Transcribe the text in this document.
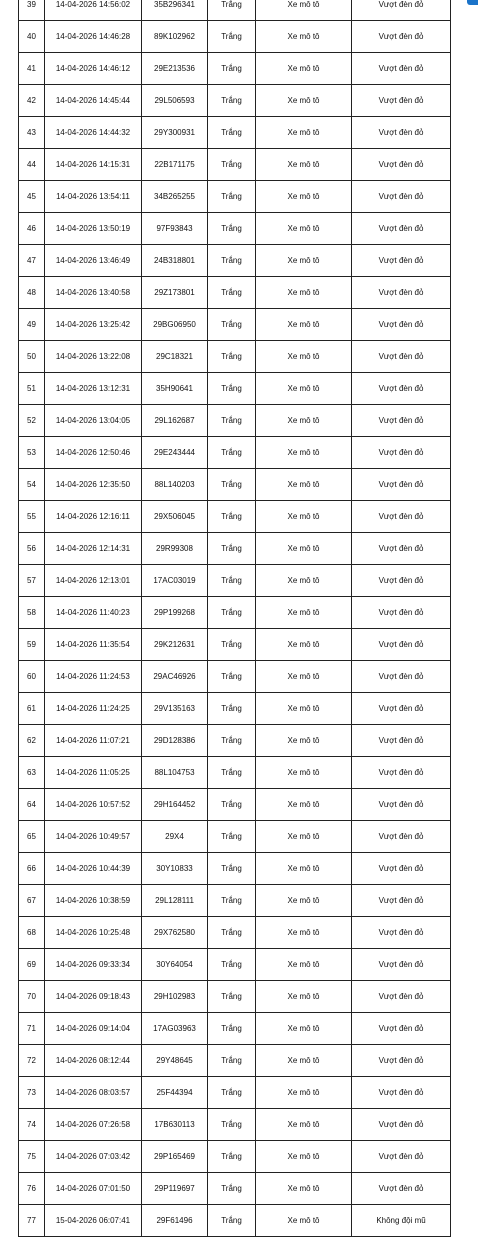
39	14-04-2026 14:56:02	35B296341	Trắng	Xe mô tô	Vượt đèn đỏ
40	14-04-2026 14:46:28	89K102962	Trắng	Xe mô tô	Vượt đèn đỏ
41	14-04-2026 14:46:12	29E213536	Trắng	Xe mô tô	Vượt đèn đỏ
42	14-04-2026 14:45:44	29L506593	Trắng	Xe mô tô	Vượt đèn đỏ
43	14-04-2026 14:44:32	29Y300931	Trắng	Xe mô tô	Vượt đèn đỏ
44	14-04-2026 14:15:31	22B171175	Trắng	Xe mô tô	Vượt đèn đỏ
45	14-04-2026 13:54:11	34B265255	Trắng	Xe mô tô	Vượt đèn đỏ
46	14-04-2026 13:50:19	97F93843	Trắng	Xe mô tô	Vượt đèn đỏ
47	14-04-2026 13:46:49	24B318801	Trắng	Xe mô tô	Vượt đèn đỏ
48	14-04-2026 13:40:58	29Z173801	Trắng	Xe mô tô	Vượt đèn đỏ
49	14-04-2026 13:25:42	29BG06950	Trắng	Xe mô tô	Vượt đèn đỏ
50	14-04-2026 13:22:08	29C18321	Trắng	Xe mô tô	Vượt đèn đỏ
51	14-04-2026 13:12:31	35H90641	Trắng	Xe mô tô	Vượt đèn đỏ
52	14-04-2026 13:04:05	29L162687	Trắng	Xe mô tô	Vượt đèn đỏ
53	14-04-2026 12:50:46	29E243444	Trắng	Xe mô tô	Vượt đèn đỏ
54	14-04-2026 12:35:50	88L140203	Trắng	Xe mô tô	Vượt đèn đỏ
55	14-04-2026 12:16:11	29X506045	Trắng	Xe mô tô	Vượt đèn đỏ
56	14-04-2026 12:14:31	29R99308	Trắng	Xe mô tô	Vượt đèn đỏ
57	14-04-2026 12:13:01	17AC03019	Trắng	Xe mô tô	Vượt đèn đỏ
58	14-04-2026 11:40:23	29P199268	Trắng	Xe mô tô	Vượt đèn đỏ
59	14-04-2026 11:35:54	29K212631	Trắng	Xe mô tô	Vượt đèn đỏ
60	14-04-2026 11:24:53	29AC46926	Trắng	Xe mô tô	Vượt đèn đỏ
61	14-04-2026 11:24:25	29V135163	Trắng	Xe mô tô	Vượt đèn đỏ
62	14-04-2026 11:07:21	29D128386	Trắng	Xe mô tô	Vượt đèn đỏ
63	14-04-2026 11:05:25	88L104753	Trắng	Xe mô tô	Vượt đèn đỏ
64	14-04-2026 10:57:52	29H164452	Trắng	Xe mô tô	Vượt đèn đỏ
65	14-04-2026 10:49:57	29X4	Trắng	Xe mô tô	Vượt đèn đỏ
66	14-04-2026 10:44:39	30Y10833	Trắng	Xe mô tô	Vượt đèn đỏ
67	14-04-2026 10:38:59	29L128111	Trắng	Xe mô tô	Vượt đèn đỏ
68	14-04-2026 10:25:48	29X762580	Trắng	Xe mô tô	Vượt đèn đỏ
69	14-04-2026 09:33:34	30Y64054	Trắng	Xe mô tô	Vượt đèn đỏ
70	14-04-2026 09:18:43	29H102983	Trắng	Xe mô tô	Vượt đèn đỏ
71	14-04-2026 09:14:04	17AG03963	Trắng	Xe mô tô	Vượt đèn đỏ
72	14-04-2026 08:12:44	29Y48645	Trắng	Xe mô tô	Vượt đèn đỏ
73	14-04-2026 08:03:57	25F44394	Trắng	Xe mô tô	Vượt đèn đỏ
74	14-04-2026 07:26:58	17B630113	Trắng	Xe mô tô	Vượt đèn đỏ
75	14-04-2026 07:03:42	29P165469	Trắng	Xe mô tô	Vượt đèn đỏ
76	14-04-2026 07:01:50	29P119697	Trắng	Xe mô tô	Vượt đèn đỏ
77	15-04-2026 06:07:41	29F61496	Trắng	Xe mô tô	Không đội mũ
